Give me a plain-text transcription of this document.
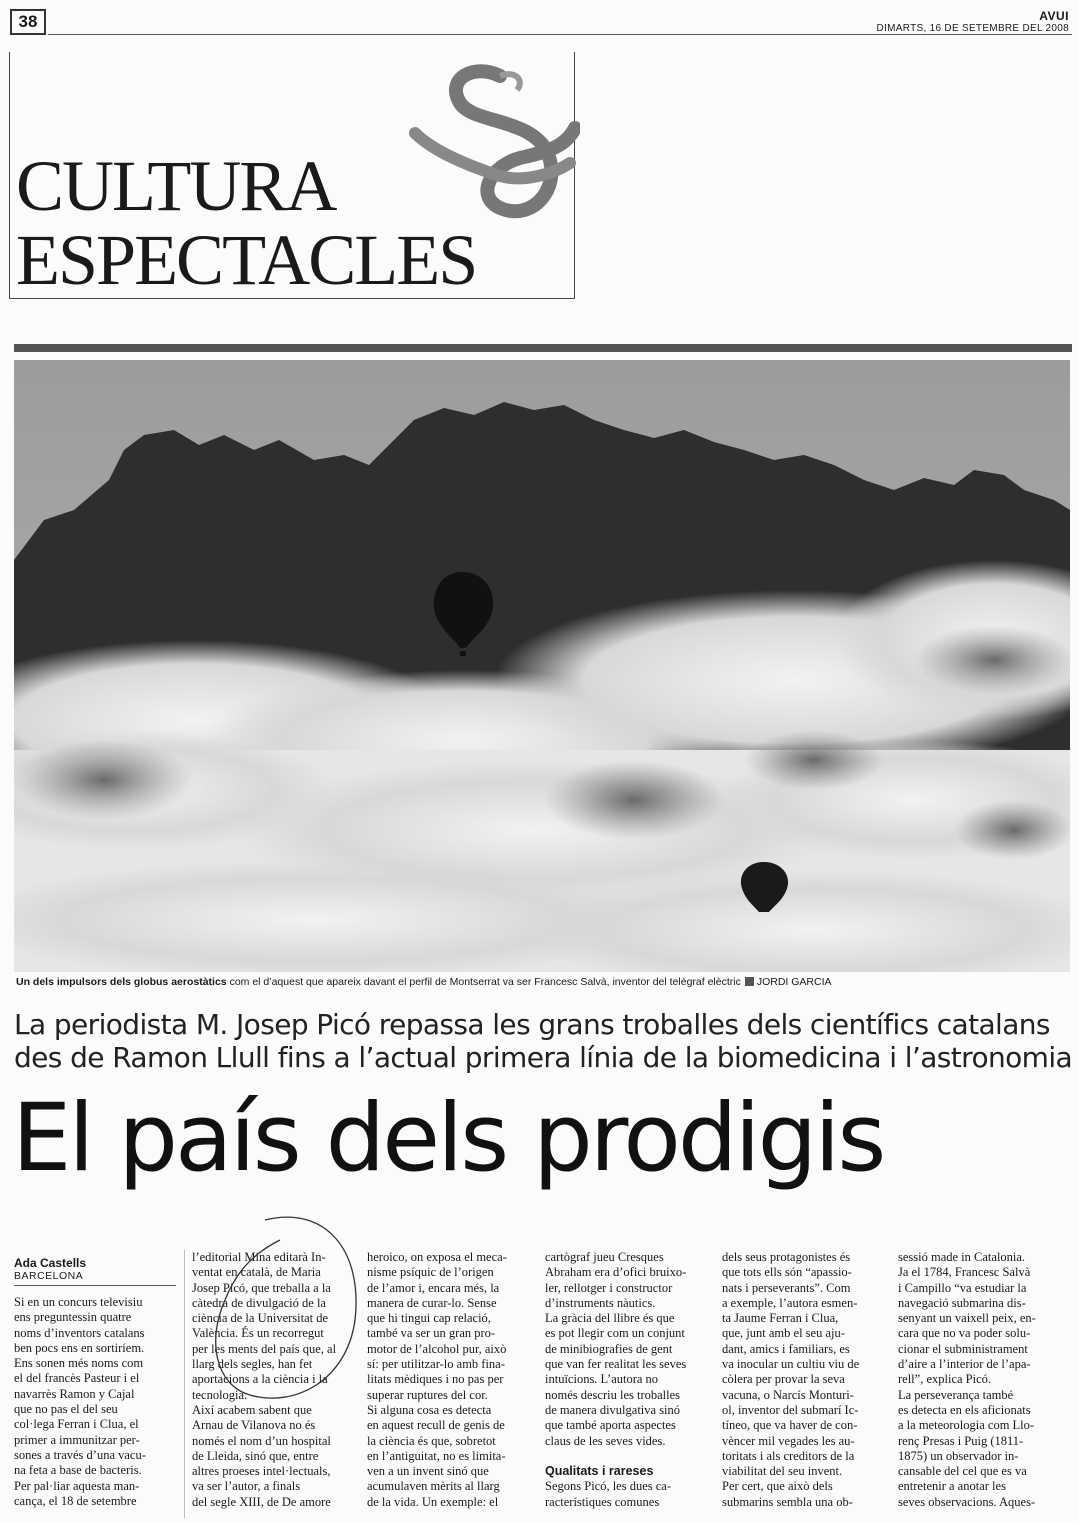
38	AVUI
DIMARTS, 16 DE SETEMBRE DEL 2008
CULTURA
ESPECTACLES
Un dels impulsors dels globus aerostàtics com el d’aquest que apareix davant el perfil de Montserrat va ser Francesc Salvà, inventor del telègraf elèctric JORDI GARCIA
La periodista M. Josep Picó repassa les grans troballes dels científics catalans
des de Ramon Llull fins a l’actual primera línia de la biomedicina i l’astronomia
El país dels prodigis
Ada Castells
BARCELONA
Si en un concurs televisiu
ens preguntessin quatre
noms d’inventors catalans
ben pocs ens en sortiríem.
Ens sonen més noms com
el del francès Pasteur i el
navarrès Ramon y Cajal
que no pas el del seu
col·lega Ferran i Clua, el
primer a immunitzar per-
sones a través d’una vacu-
na feta a base de bacteris.
Per pal·liar aquesta man-
cança, el 18 de setembre
l’editorial Mina editarà In-
ventat en català, de Maria
Josep Picó, que treballa a la
càtedra de divulgació de la
ciència de la Universitat de
València. És un recorregut
per les ments del país que, al
llarg dels segles, han fet
aportacions a la ciència i la
tecnologia.
Així acabem sabent que
Arnau de Vilanova no és
només el nom d’un hospital
de Lleida, sinó que, entre
altres proeses intel·lectuals,
va ser l’autor, a finals
del segle XIII, de De amore
heroico, on exposa el meca-
nisme psíquic de l’origen
de l’amor i, encara més, la
manera de curar-lo. Sense
que hi tingui cap relació,
també va ser un gran pro-
motor de l’alcohol pur, això
sí: per utilitzar-lo amb fina-
litats mèdiques i no pas per
superar ruptures del cor.
Si alguna cosa es detecta
en aquest recull de genis de
la ciència és que, sobretot
en l’antiguitat, no es limita-
ven a un invent sinó que
acumulaven mèrits al llarg
de la vida. Un exemple: el
cartògraf jueu Cresques
Abraham era d’ofici bruixo-
ler, rellotger i constructor
d’instruments nàutics.
La gràcia del llibre és que
es pot llegir com un conjunt
de minibiografies de gent
que van fer realitat les seves
intuïcions. L’autora no
només descriu les troballes
de manera divulgativa sinó
que també aporta aspectes
claus de les seves vides.
Qualitats i rareses
Segons Picó, les dues ca-
racterístiques comunes
dels seus protagonistes és
que tots ells són “apassio-
nats i perseverants”. Com
a exemple, l’autora esmen-
ta Jaume Ferran i Clua,
que, junt amb el seu aju-
dant, amics i familiars, es
va inocular un cultiu viu de
còlera per provar la seva
vacuna, o Narcís Monturi-
ol, inventor del submarí Ic-
tíneo, que va haver de con-
vèncer mil vegades les au-
toritats i als creditors de la
viabilitat del seu invent.
Per cert, que això dels
submarins sembla una ob-
sessió made in Catalonia.
Ja el 1784, Francesc Salvà
i Campillo “va estudiar la
navegació submarina dis-
senyant un vaixell peix, en-
cara que no va poder solu-
cionar el subministrament
d’aire a l’interior de l’apa-
rell”, explica Picó.
La perseverança també
es detecta en els aficionats
a la meteorologia com Llo-
renç Presas i Puig (1811-
1875) un observador in-
cansable del cel que es va
entretenir a anotar les
seves observacions. Aques-
